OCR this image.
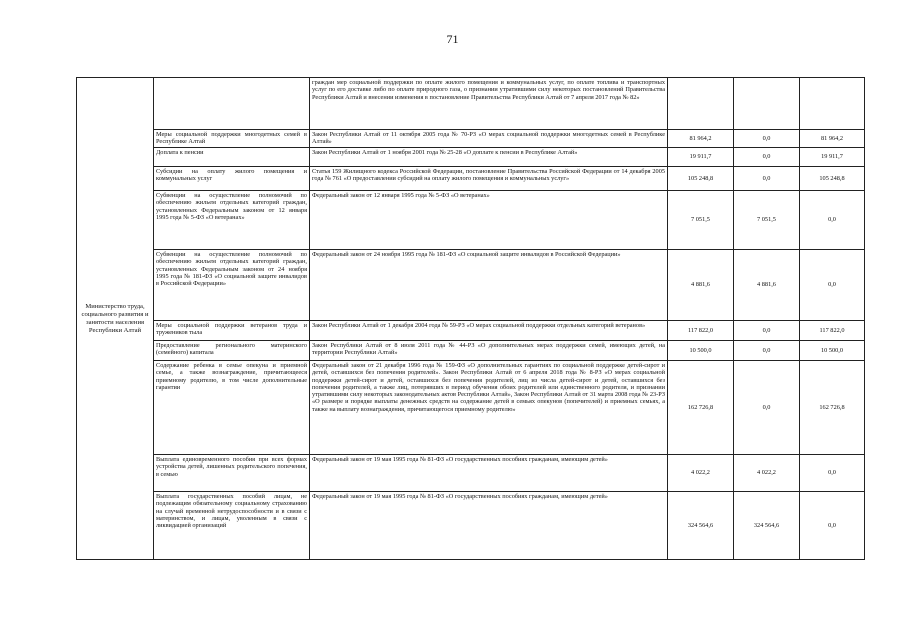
71
Министерство труда, социального развития и занятости населения Республики Алтай		граждан мер социальной поддержки по оплате жилого помещения и коммунальных услуг, по оплате топлива и транспортных услуг по его доставке либо по оплате природного газа, о признании утратившими силу некоторых постановлений Правительства Республики Алтай и внесении изменения в постановление Правительства Республики Алтай от 7 апреля 2017 года № 82»			
	Меры социальной поддержки многодетных семей в Республике Алтай	Закон Республики Алтай от 11 октября 2005 года № 70-РЗ «О мерах социальной поддержки многодетных семей в Республике Алтай»	81 964,2	0,0	81 964,2
	Доплата к пенсии	Закон Республики Алтай от 1 ноября 2001 года № 25-28 «О доплате к пенсии в Республике Алтай»	19 911,7	0,0	19 911,7
	Субсидии на оплату жилого помещения и коммунальных услуг	Статья 159 Жилищного кодекса Российской Федерации, постановление Правительства Российской Федерации от 14 декабря 2005 года № 761 «О предоставлении субсидий на оплату жилого помещения и коммунальных услуг»	105 248,8	0,0	105 248,8
	Субвенции на осуществление полномочий по обеспечению жильем отдельных категорий граждан, установленных Федеральным законом от 12 января 1995 года № 5-ФЗ «О ветеранах»	Федеральный закон от 12 января 1995 года № 5-ФЗ «О ветеранах»	7 051,5	7 051,5	0,0
	Субвенции на осуществление полномочий по обеспечению жильем отдельных категорий граждан, установленных Федеральным законом от 24 ноября 1995 года № 181-ФЗ «О социальной защите инвалидов в Российской Федерации»	Федеральный закон от 24 ноября 1995 года № 181-ФЗ «О социальной защите инвалидов в Российской Федерации»	4 881,6	4 881,6	0,0
	Меры социальной поддержки ветеранов труда и тружеников тыла	Закон Республики Алтай от 1 декабря 2004 года № 59-РЗ «О мерах социальной поддержки отдельных категорий ветеранов»	117 822,0	0,0	117 822,0
	Предоставление регионального материнского (семейного) капитала	Закон Республики Алтай от 8 июля 2011 года № 44-РЗ «О дополнительных мерах поддержки семей, имеющих детей, на территории Республики Алтай»	10 500,0	0,0	10 500,0
	Содержание ребенка в семье опекуна и приемной семье, а также вознаграждение, причитающееся приемному родителю, в том числе дополнительные гарантии	Федеральный закон от 21 декабря 1996 года № 159-ФЗ «О дополнительных гарантиях по социальной поддержке детей-сирот и детей, оставшихся без попечения родителей». Закон Республики Алтай от 6 апреля 2018 года № 8-РЗ «О мерах социальной поддержки детей-сирот и детей, оставшихся без попечения родителей, лиц из числа детей-сирот и детей, оставшихся без попечения родителей, а также лиц, потерявших в период обучения обоих родителей или единственного родителя, и признании утратившими силу некоторых законодательных актов Республики Алтай», Закон Республики Алтай от 31 марта 2008 года № 23-РЗ «О размере и порядке выплаты денежных средств на содержание детей в семьях опекунов (попечителей) и приемных семьях, а также на выплату вознаграждения, причитающегося приемному родителю»	162 726,8	0,0	162 726,8
	Выплата единовременного пособия при всех формах устройства детей, лишенных родительского попечения, в семью	Федеральный закон от 19 мая 1995 года № 81-ФЗ «О государственных пособиях гражданам, имеющим детей»	4 022,2	4 022,2	0,0
	Выплата государственных пособий лицам, не подлежащим обязательному социальному страхованию на случай временной нетрудоспособности и в связи с материнством, и лицам, уволенным в связи с ликвидацией организаций	Федеральный закон от 19 мая 1995 года № 81-ФЗ «О государственных пособиях гражданам, имеющим детей»	324 564,6	324 564,6	0,0
